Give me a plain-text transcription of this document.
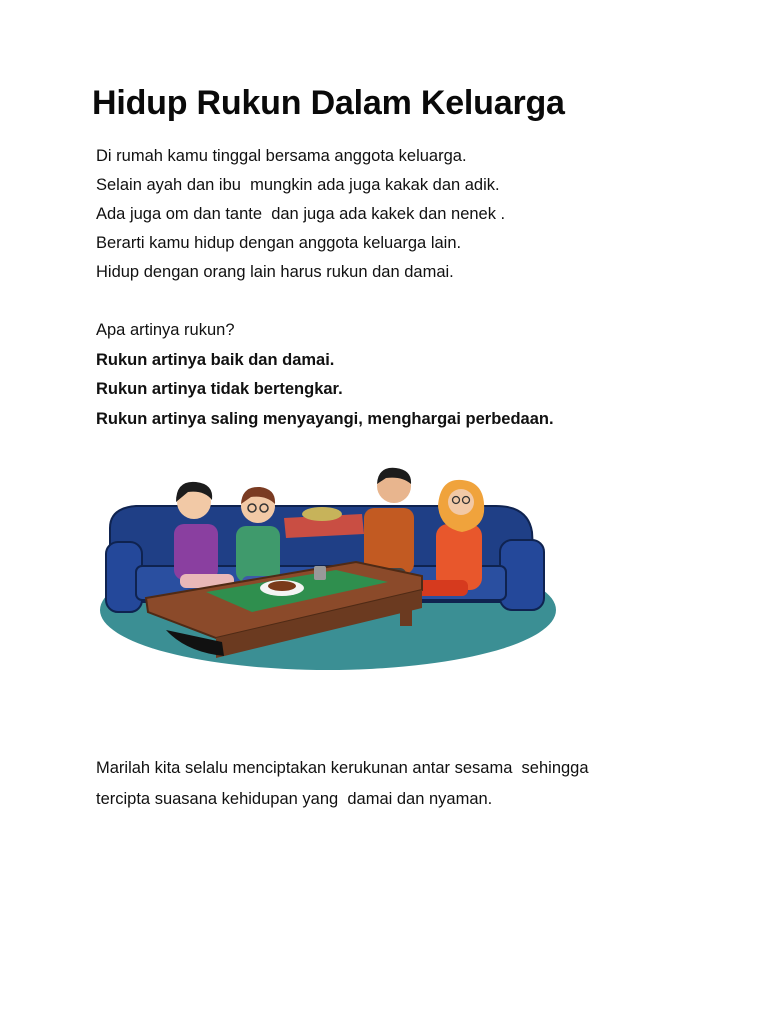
Hidup Rukun Dalam Keluarga
Di rumah kamu tinggal bersama anggota keluarga.
Selain ayah dan ibu  mungkin ada juga kakak dan adik.
Ada juga om dan tante  dan juga ada kakek dan nenek .
Berarti kamu hidup dengan anggota keluarga lain.
Hidup dengan orang lain harus rukun dan damai.
Apa artinya rukun?
Rukun artinya baik dan damai.
Rukun artinya tidak bertengkar.
Rukun artinya saling menyayangi, menghargai perbedaan.
Marilah kita selalu menciptakan kerukunan antar sesama  sehingga
tercipta suasana kehidupan yang  damai dan nyaman.
